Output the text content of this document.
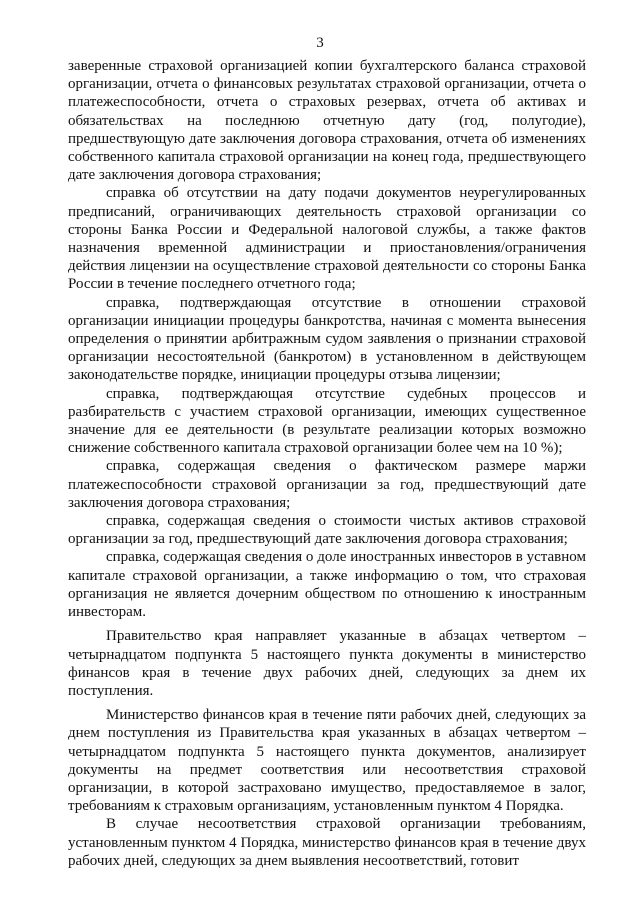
3

заверенные страховой организацией копии бухгалтерского баланса страховой организации, отчета о финансовых результатах страховой организации, отчета о платежеспособности, отчета о страховых резервах, отчета об активах и обязательствах на последнюю отчетную дату (год, полугодие), предшествующую дате заключения договора страхования, отчета об изменениях собственного капитала страховой организации на конец года, предшествующего дате заключения договора страхования;

справка об отсутствии на дату подачи документов неурегулированных предписаний, ограничивающих деятельность страховой организации со стороны Банка России и Федеральной налоговой службы, а также фактов назначения временной администрации и приостановления/ограничения действия лицензии на осуществление страховой деятельности со стороны Банка России в течение последнего отчетного года;

справка, подтверждающая отсутствие в отношении страховой организации инициации процедуры банкротства, начиная с момента вынесения определения о принятии арбитражным судом заявления о признании страховой организации несостоятельной (банкротом) в установленном в действующем законодательстве порядке, инициации процедуры отзыва лицензии;

справка, подтверждающая отсутствие судебных процессов и разбирательств с участием страховой организации, имеющих существенное значение для ее деятельности (в результате реализации которых возможно снижение собственного капитала страховой организации более чем на 10 %);

справка, содержащая сведения о фактическом размере маржи платежеспособности страховой организации за год, предшествующий дате заключения договора страхования;

справка, содержащая сведения о стоимости чистых активов страховой организации за год, предшествующий дате заключения договора страхования;

справка, содержащая сведения о доле иностранных инвесторов в уставном капитале страховой организации, а также информацию о том, что страховая организация не является дочерним обществом по отношению к иностранным инвесторам.

Правительство края направляет указанные в абзацах четвертом – четырнадцатом подпункта 5 настоящего пункта документы в министерство финансов края в течение двух рабочих дней, следующих за днем их поступления.

Министерство финансов края в течение пяти рабочих дней, следующих за днем поступления из Правительства края указанных в абзацах четвертом – четырнадцатом подпункта 5 настоящего пункта документов, анализирует документы на предмет соответствия или несоответствия страховой организации, в которой застраховано имущество, предоставляемое в залог, требованиям к страховым организациям, установленным пунктом 4 Порядка.

В случае несоответствия страховой организации требованиям, установленным пунктом 4 Порядка, министерство финансов края в течение двух рабочих дней, следующих за днем выявления несоответствий, готовит
